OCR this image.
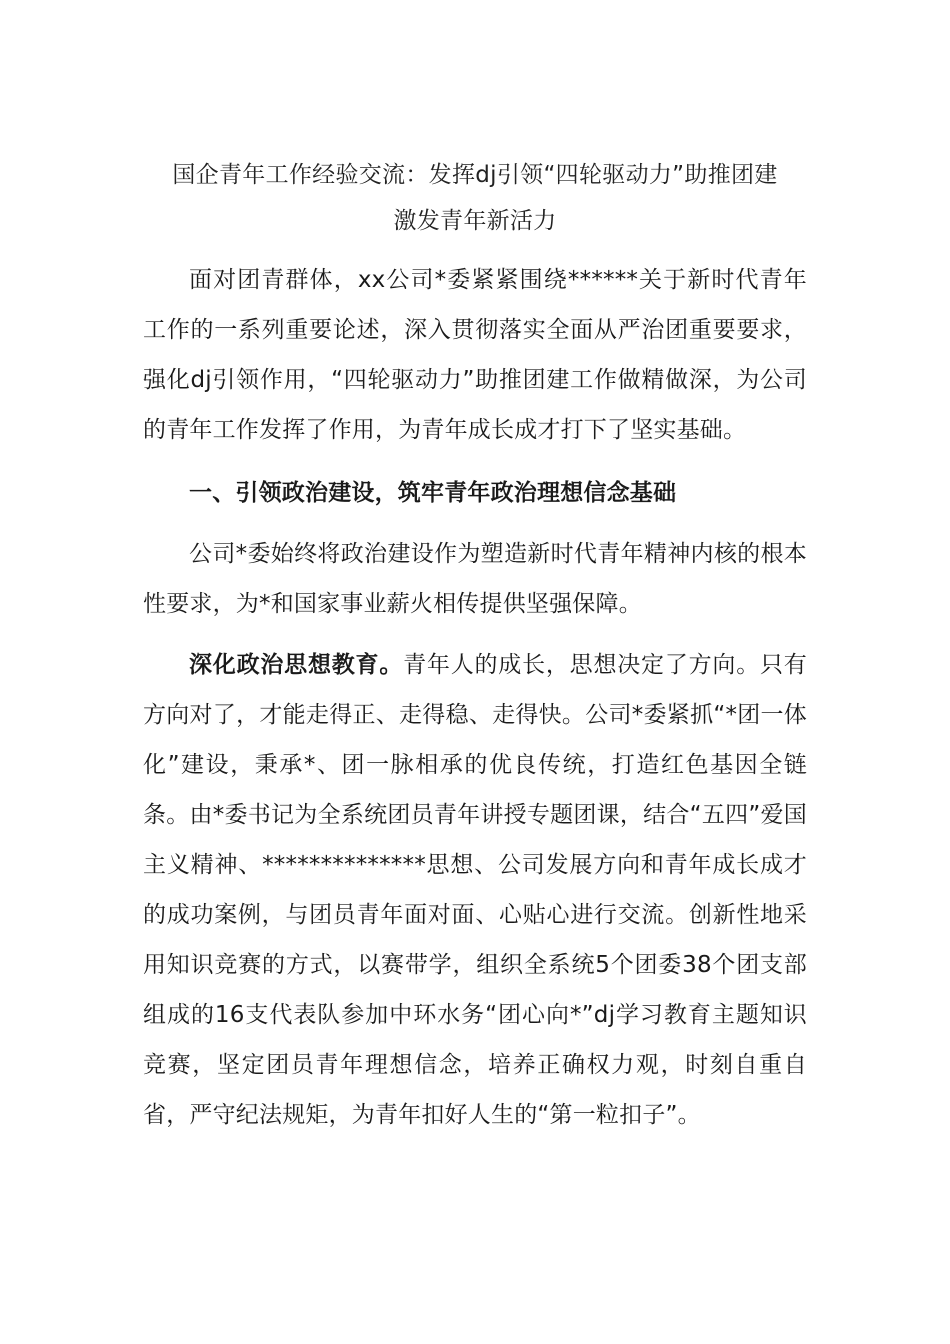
国企青年工作经验交流：发挥dj引领“四轮驱动力”助推团建
激发青年新活力

面对团青群体，xx公司*委紧紧围绕******关于新时代青年工作的一系列重要论述，深入贯彻落实全面从严治团重要要求，强化dj引领作用，“四轮驱动力”助推团建工作做精做深，为公司的青年工作发挥了作用，为青年成长成才打下了坚实基础。

一、引领政治建设，筑牢青年政治理想信念基础

公司*委始终将政治建设作为塑造新时代青年精神内核的根本性要求，为*和国家事业薪火相传提供坚强保障。

深化政治思想教育。青年人的成长，思想决定了方向。只有方向对了，才能走得正、走得稳、走得快。公司*委紧抓“*团一体化”建设，秉承*、团一脉相承的优良传统，打造红色基因全链条。由*委书记为全系统团员青年讲授专题团课，结合“五四”爱国主义精神、**************思想、公司发展方向和青年成长成才的成功案例，与团员青年面对面、心贴心进行交流。创新性地采用知识竞赛的方式，以赛带学，组织全系统5个团委38个团支部组成的16支代表队参加中环水务“团心向*”dj学习教育主题知识竞赛，坚定团员青年理想信念，培养正确权力观，时刻自重自省，严守纪法规矩，为青年扣好人生的“第一粒扣子”。
